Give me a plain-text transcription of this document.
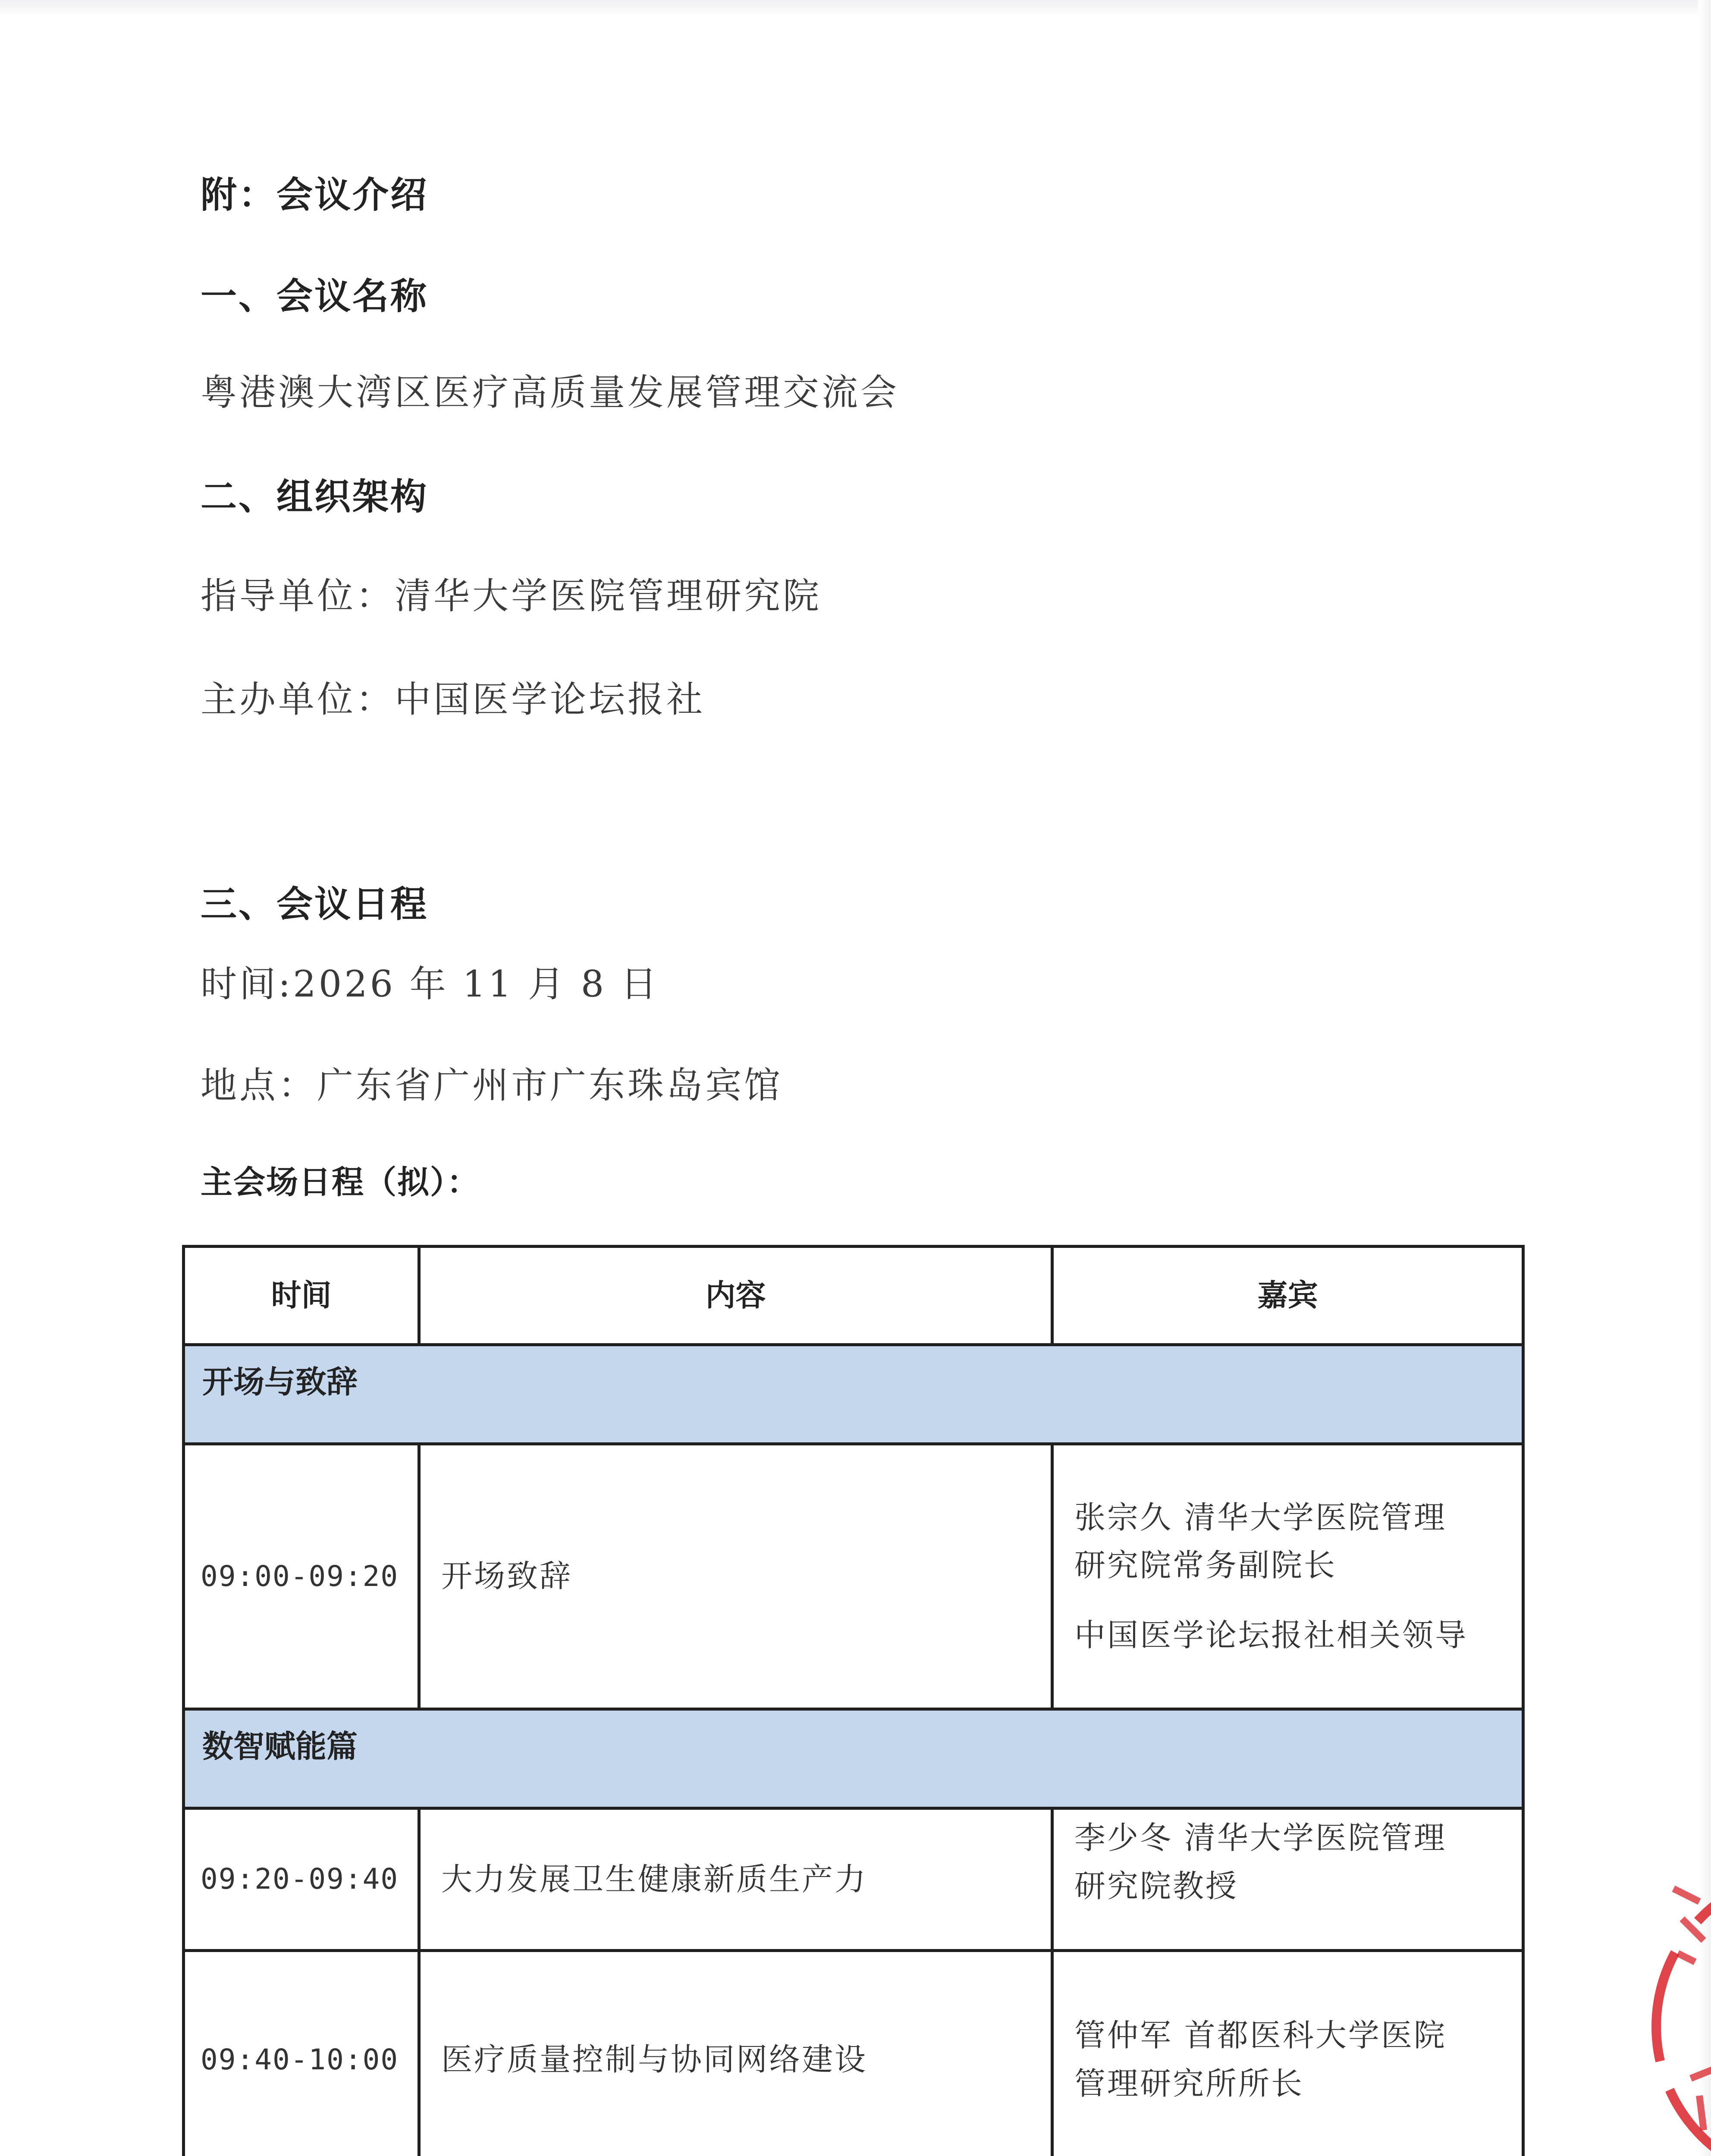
附：会议介绍
一、会议名称
粤港澳大湾区医疗高质量发展管理交流会
二、组织架构
指导单位：清华大学医院管理研究院
主办单位：中国医学论坛报社
三、会议日程
时间:2026 年 11 月 8 日
地点：广东省广州市广东珠岛宾馆
主会场日程（拟）：
时间	内容	嘉宾
开场与致辞		
09:00-09:20	开场致辞	张宗久 清华大学医院管理
研究院常务副院长
中国医学论坛报社相关领导

数智赋能篇		
09:20-09:40	大力发展卫生健康新质生产力	李少冬 清华大学医院管理
研究院教授

09:40-10:00	医疗质量控制与协同网络建设	管仲军 首都医科大学医院
管理研究所所长
